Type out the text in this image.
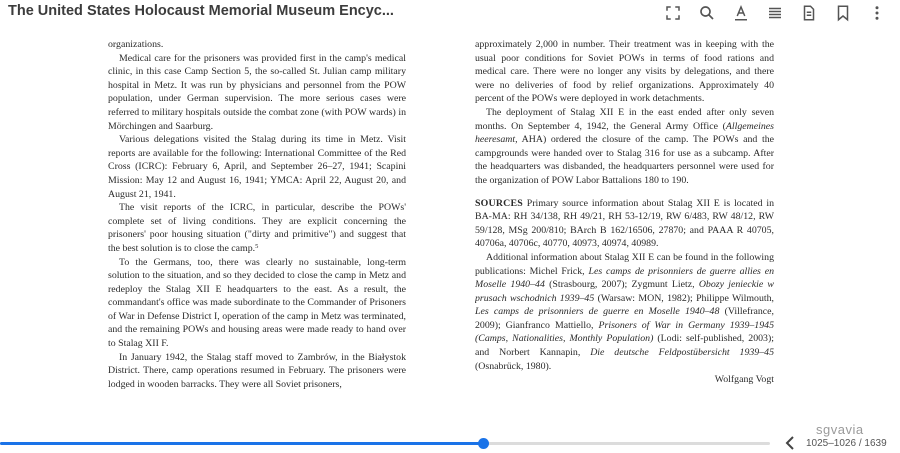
The United States Holocaust Memorial Museum Encyc...

organizations.

Medical care for the prisoners was provided first in the camp's medical clinic, in this case Camp Section 5, the so-called St. Julian camp military hospital in Metz. It was run by physicians and personnel from the POW population, under German supervision. The more serious cases were referred to military hospitals outside the combat zone (with POW wards) in Mörchingen and Saarburg.

Various delegations visited the Stalag during its time in Metz. Visit reports are available for the following: International Committee of the Red Cross (ICRC): February 6, April, and September 26–27, 1941; Scapini Mission: May 12 and August 16, 1941; YMCA: April 22, August 20, and August 21, 1941.

The visit reports of the ICRC, in particular, describe the POWs' complete set of living conditions. They are explicit concerning the prisoners' poor housing situation ("dirty and primitive") and suggest that the best solution is to close the camp.$^5$

To the Germans, too, there was clearly no sustainable, long-term solution to the situation, and so they decided to close the camp in Metz and redeploy the Stalag XII E headquarters to the east. As a result, the commandant's office was made subordinate to the Commander of Prisoners of War in Defense District I, operation of the camp in Metz was terminated, and the remaining POWs and housing areas were made ready to hand over to Stalag XII F.

In January 1942, the Stalag staff moved to Zambrów, in the Białystok District. There, camp operations resumed in February. The prisoners were lodged in wooden barracks. They were all Soviet prisoners,

approximately 2,000 in number. Their treatment was in keeping with the usual poor conditions for Soviet POWs in terms of food rations and medical care. There were no longer any visits by delegations, and there were no deliveries of food by relief organizations. Approximately 40 percent of the POWs were deployed in work detachments.

The deployment of Stalag XII E in the east ended after only seven months. On September 4, 1942, the General Army Office (Allgemeines heeresamt, AHA) ordered the closure of the camp. The POWs and the campgrounds were handed over to Stalag 316 for use as a subcamp. After the headquarters was disbanded, the headquarters personnel were used for the organization of POW Labor Battalions 180 to 190.

SOURCES Primary source information about Stalag XII E is located in BA-MA: RH 34/138, RH 49/21, RH 53-12/19, RW 6/483, RW 48/12, RW 59/128, MSg 200/810; BArch B 162/16506, 27870; and PAAA R 40705, 40706a, 40706c, 40770, 40973, 40974, 40989.

Additional information about Stalag XII E can be found in the following publications: Michel Frick, Les camps de prisonniers de guerre allies en Moselle 1940–44 (Strasbourg, 2007); Zygmunt Lietz, Obozy jenieckie w prusach wschodnich 1939–45 (Warsaw: MON, 1982); Philippe Wilmouth, Les camps de prisonniers de guerre en Moselle 1940–48 (Villefrance, 2009); Gianfranco Mattiello, Prisoners of War in Germany 1939–1945 (Camps, Nationalities, Monthly Population) (Lodi: self-published, 2003); and Norbert Kannapin, Die deutsche Feldpostübersicht 1939–45 (Osnabrück, 1980).

Wolfgang Vogt

1025–1026 / 1639
sgvavia
